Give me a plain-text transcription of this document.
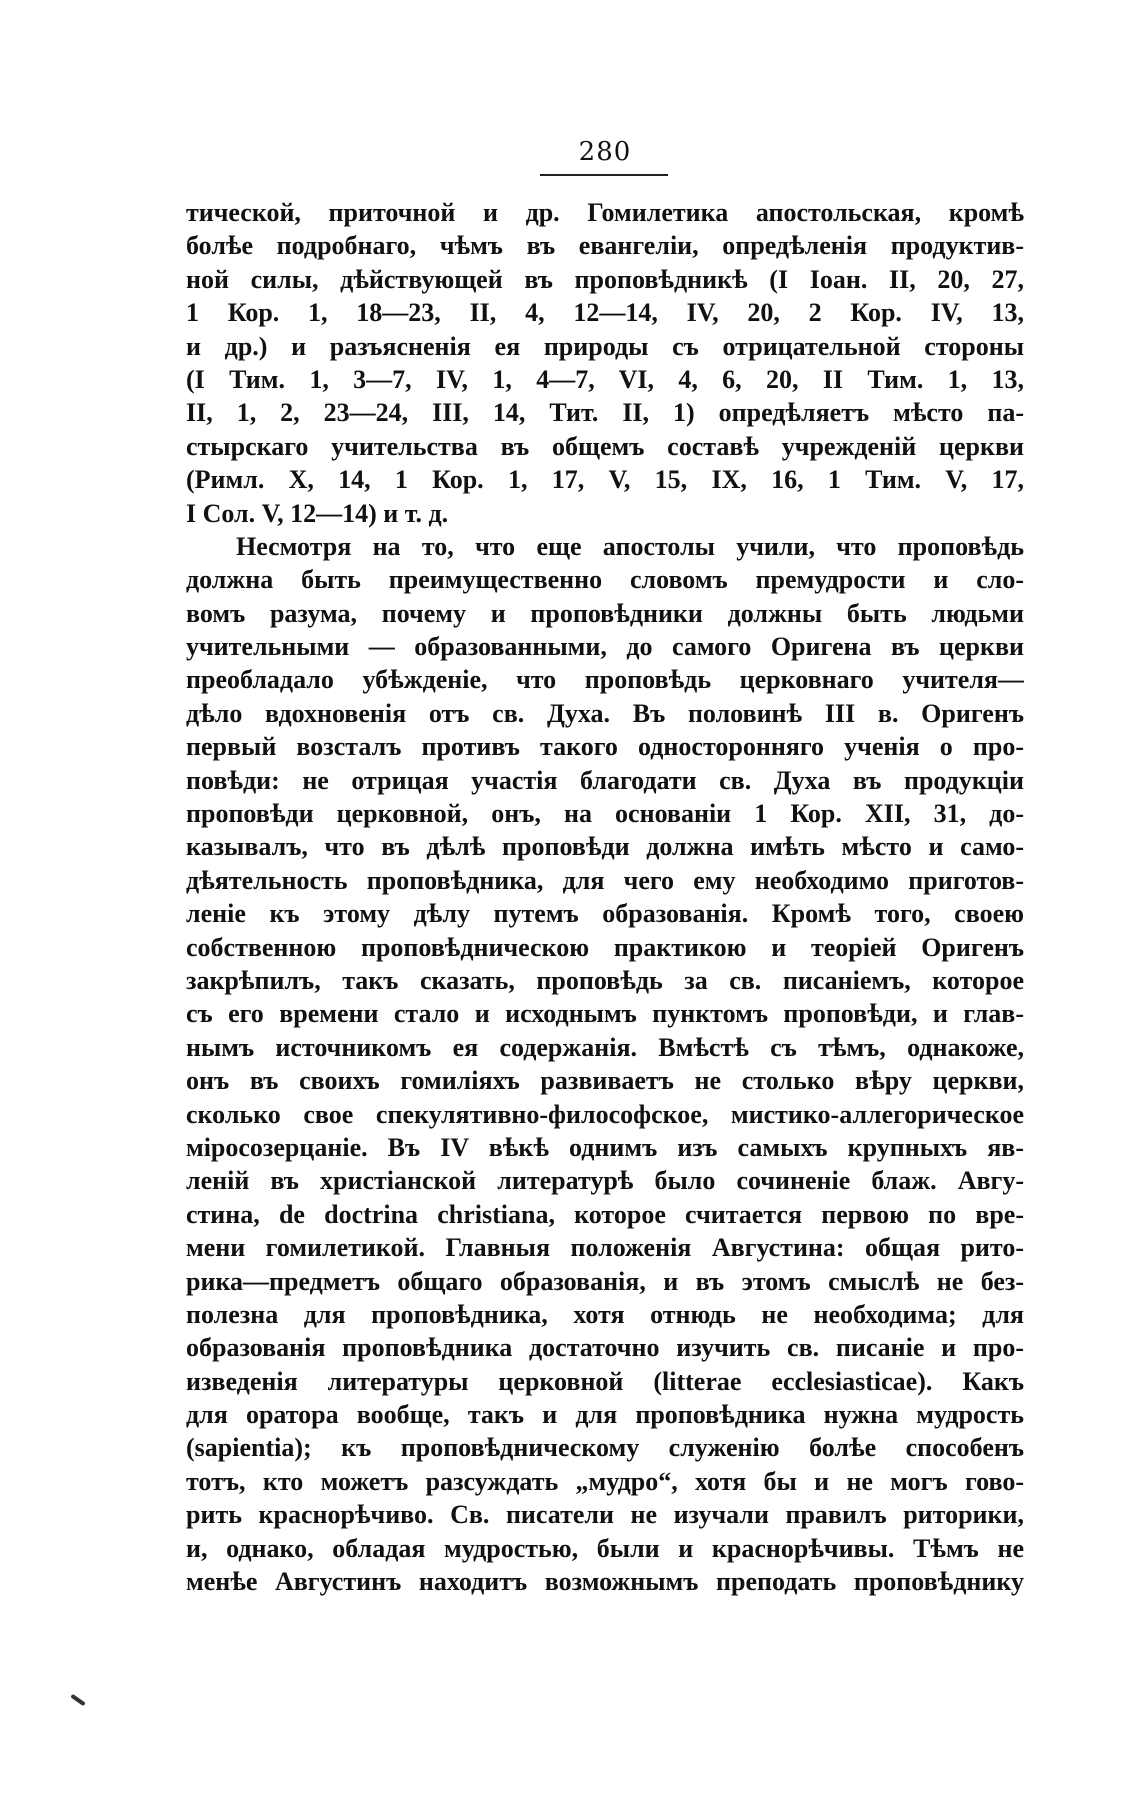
280
тической, приточной и др. Гомилетика апостольская, кромѣ
болѣе подробнаго, чѣмъ въ евангеліи, опредѣленія продуктив-
ной силы, дѣйствующей въ проповѣдникѣ (І Іоан. II, 20, 27,
1 Кор. 1, 18—23, II, 4, 12—14, IV, 20, 2 Кор. IV, 13,
и др.) и разъясненія ея природы съ отрицательной стороны
(І Тим. 1, 3—7, IV, 1, 4—7, VI, 4, 6, 20, II Тим. 1, 13,
II, 1, 2, 23—24, III, 14, Тит. II, 1) опредѣляетъ мѣсто па-
стырскаго учительства въ общемъ составѣ учрежденій церкви
(Римл. X, 14, 1 Кор. 1, 17, V, 15, IX, 16, 1 Тим. V, 17,
I Сол. V, 12—14) и т. д.
Несмотря на то, что еще апостолы учили, что проповѣдь
должна быть преимущественно словомъ премудрости и сло-
вомъ разума, почему и проповѣдники должны быть людьми
учительными — образованными, до самого Оригена въ церкви
преобладало убѣжденіе, что проповѣдь церковнаго учителя—
дѣло вдохновенія отъ св. Духа. Въ половинѣ III в. Оригенъ
первый возсталъ противъ такого односторонняго ученія о про-
повѣди: не отрицая участія благодати св. Духа въ продукціи
проповѣди церковной, онъ, на основаніи 1 Кор. XII, 31, до-
казывалъ, что въ дѣлѣ проповѣди должна имѣть мѣсто и само-
дѣятельность проповѣдника, для чего ему необходимо приготов-
леніе къ этому дѣлу путемъ образованія. Кромѣ того, своею
собственною проповѣдническою практикою и теоріей Оригенъ
закрѣпилъ, такъ сказать, проповѣдь за св. писаніемъ, которое
съ его времени стало и исходнымъ пунктомъ проповѣди, и глав-
нымъ источникомъ ея содержанія. Вмѣстѣ съ тѣмъ, однакоже,
онъ въ своихъ гомиліяхъ развиваетъ не столько вѣру церкви,
сколько свое спекулятивно-философское, мистико-аллегорическое
міросозерцаніе. Въ IV вѣкѣ однимъ изъ самыхъ крупныхъ яв-
леній въ христіанской литературѣ было сочиненіе блаж. Авгу-
стина, de doctrina christiana, которое считается первою по вре-
мени гомилетикой. Главныя положенія Августина: общая рито-
рика—предметъ общаго образованія, и въ этомъ смыслѣ не без-
полезна для проповѣдника, хотя отнюдь не необходима; для
образованія проповѣдника достаточно изучить св. писаніе и про-
изведенія литературы церковной (litterae ecclesiasticae). Какъ
для оратора вообще, такъ и для проповѣдника нужна мудрость
(sapientia); къ проповѣдническому служенію болѣе способенъ
тотъ, кто можетъ разсуждать „мудро“, хотя бы и не могъ гово-
рить краснорѣчиво. Св. писатели не изучали правилъ риторики,
и, однако, обладая мудростью, были и краснорѣчивы. Тѣмъ не
менѣе Августинъ находитъ возможнымъ преподать проповѣднику
